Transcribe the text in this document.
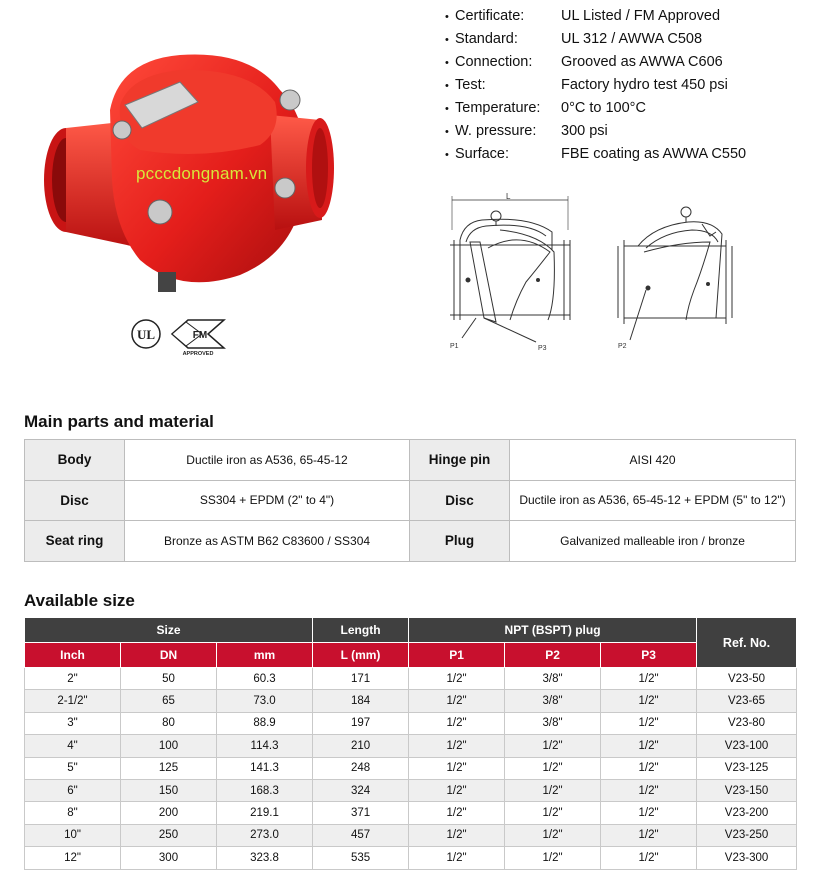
pcccdongnam.vn
UL	FM
APPROVED
• Certificate:	UL Listed / FM Approved
• Standard:	UL 312 / AWWA C508
• Connection:	Grooved as AWWA C606
• Test:	Factory hydro test 450 psi
• Temperature:	0°C to 100°C
• W. pressure:	300 psi
• Surface:	FBE coating as AWWA C550
L
P1	P3	P2
Main parts and material
Body	Ductile iron as A536, 65-45-12	Hinge pin	AISI 420
Disc	SS304 + EPDM (2" to 4")	Disc	Ductile iron as A536, 65-45-12 + EPDM (5" to 12")
Seat ring	Bronze as ASTM B62 C83600 / SS304	Plug	Galvanized malleable iron / bronze
Available size
Size			Length	NPT (BSPT) plug			Ref. No.
Inch	DN	mm	L (mm)	P1	P2	P3	
2"	50	60.3	171	1/2"	3/8"	1/2"	V23-50
2-1/2"	65	73.0	184	1/2"	3/8"	1/2"	V23-65
3"	80	88.9	197	1/2"	3/8"	1/2"	V23-80
4"	100	114.3	210	1/2"	1/2"	1/2"	V23-100
5"	125	141.3	248	1/2"	1/2"	1/2"	V23-125
6"	150	168.3	324	1/2"	1/2"	1/2"	V23-150
8"	200	219.1	371	1/2"	1/2"	1/2"	V23-200
10"	250	273.0	457	1/2"	1/2"	1/2"	V23-250
12"	300	323.8	535	1/2"	1/2"	1/2"	V23-300
